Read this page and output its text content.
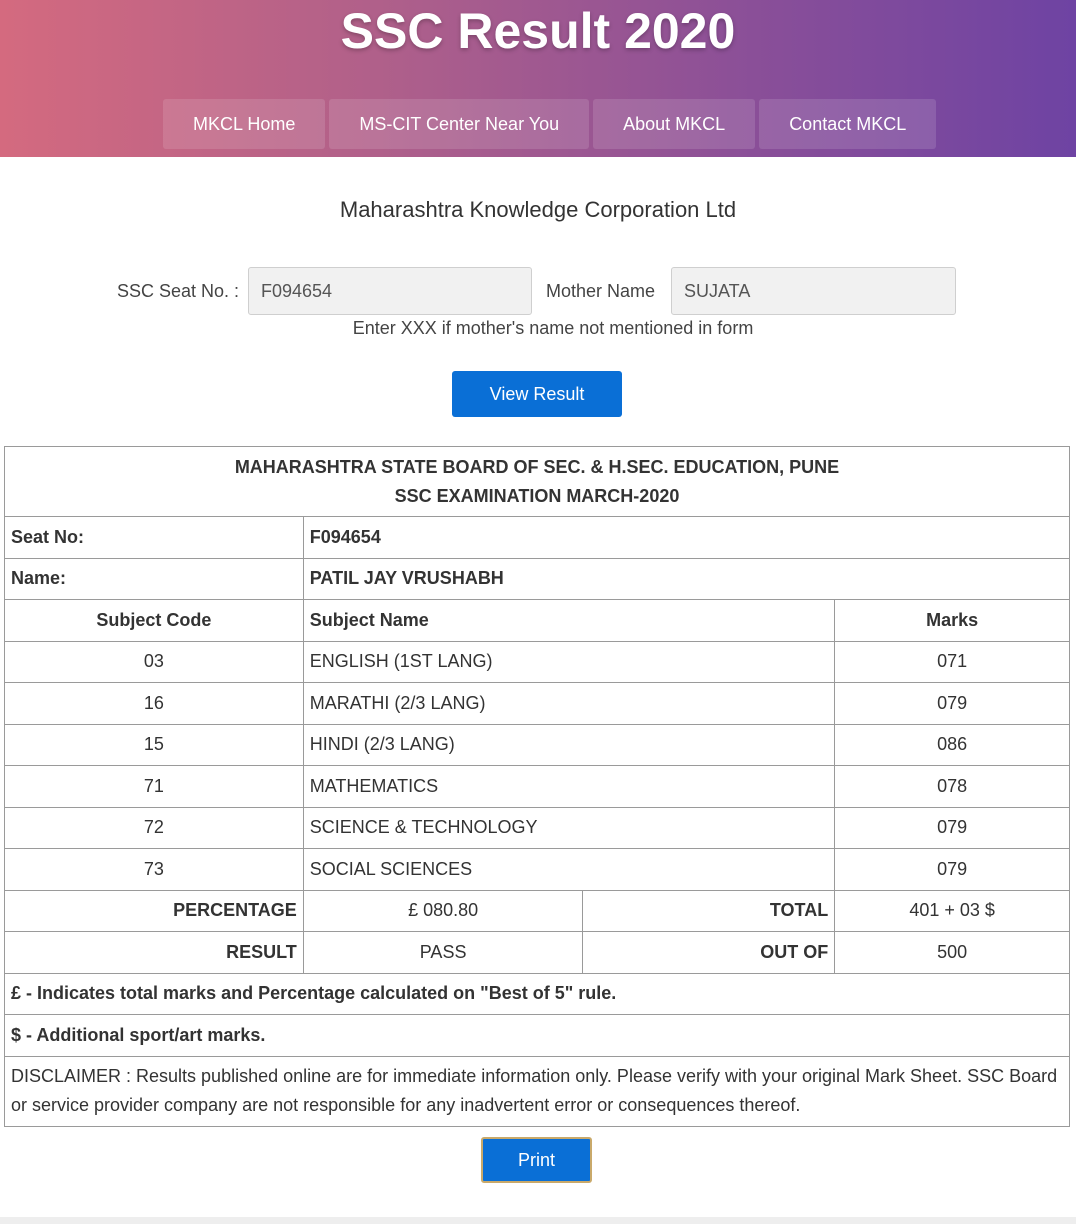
SSC Result 2020
MKCL Home	MS-CIT Center Near You	About MKCL	Contact MKCL
Maharashtra Knowledge Corporation Ltd
SSC Seat No. :
F094654	Mother Name
SUJATA
Enter XXX if mother's name not mentioned in form
View Result
MAHARASHTRA STATE BOARD OF SEC. & H.SEC. EDUCATION, PUNE
SSC EXAMINATION MARCH-2020			

Seat No:	F094654		
Name:	PATIL JAY VRUSHABH		
Subject Code	Subject Name		Marks
03	ENGLISH (1ST LANG)		071
16	MARATHI (2/3 LANG)		079
15	HINDI (2/3 LANG)		086
71	MATHEMATICS		078
72	SCIENCE & TECHNOLOGY		079
73	SOCIAL SCIENCES		079
PERCENTAGE	£ 080.80	TOTAL	401 + 03 $
RESULT	PASS	OUT OF	500
£ - Indicates total marks and Percentage calculated on "Best of 5" rule.			
$ - Additional sport/art marks.			
DISCLAIMER : Results published online are for immediate information only. Please verify with your original Mark Sheet. SSC Board or service provider company are not responsible for any inadvertent error or consequences thereof.			
Print
